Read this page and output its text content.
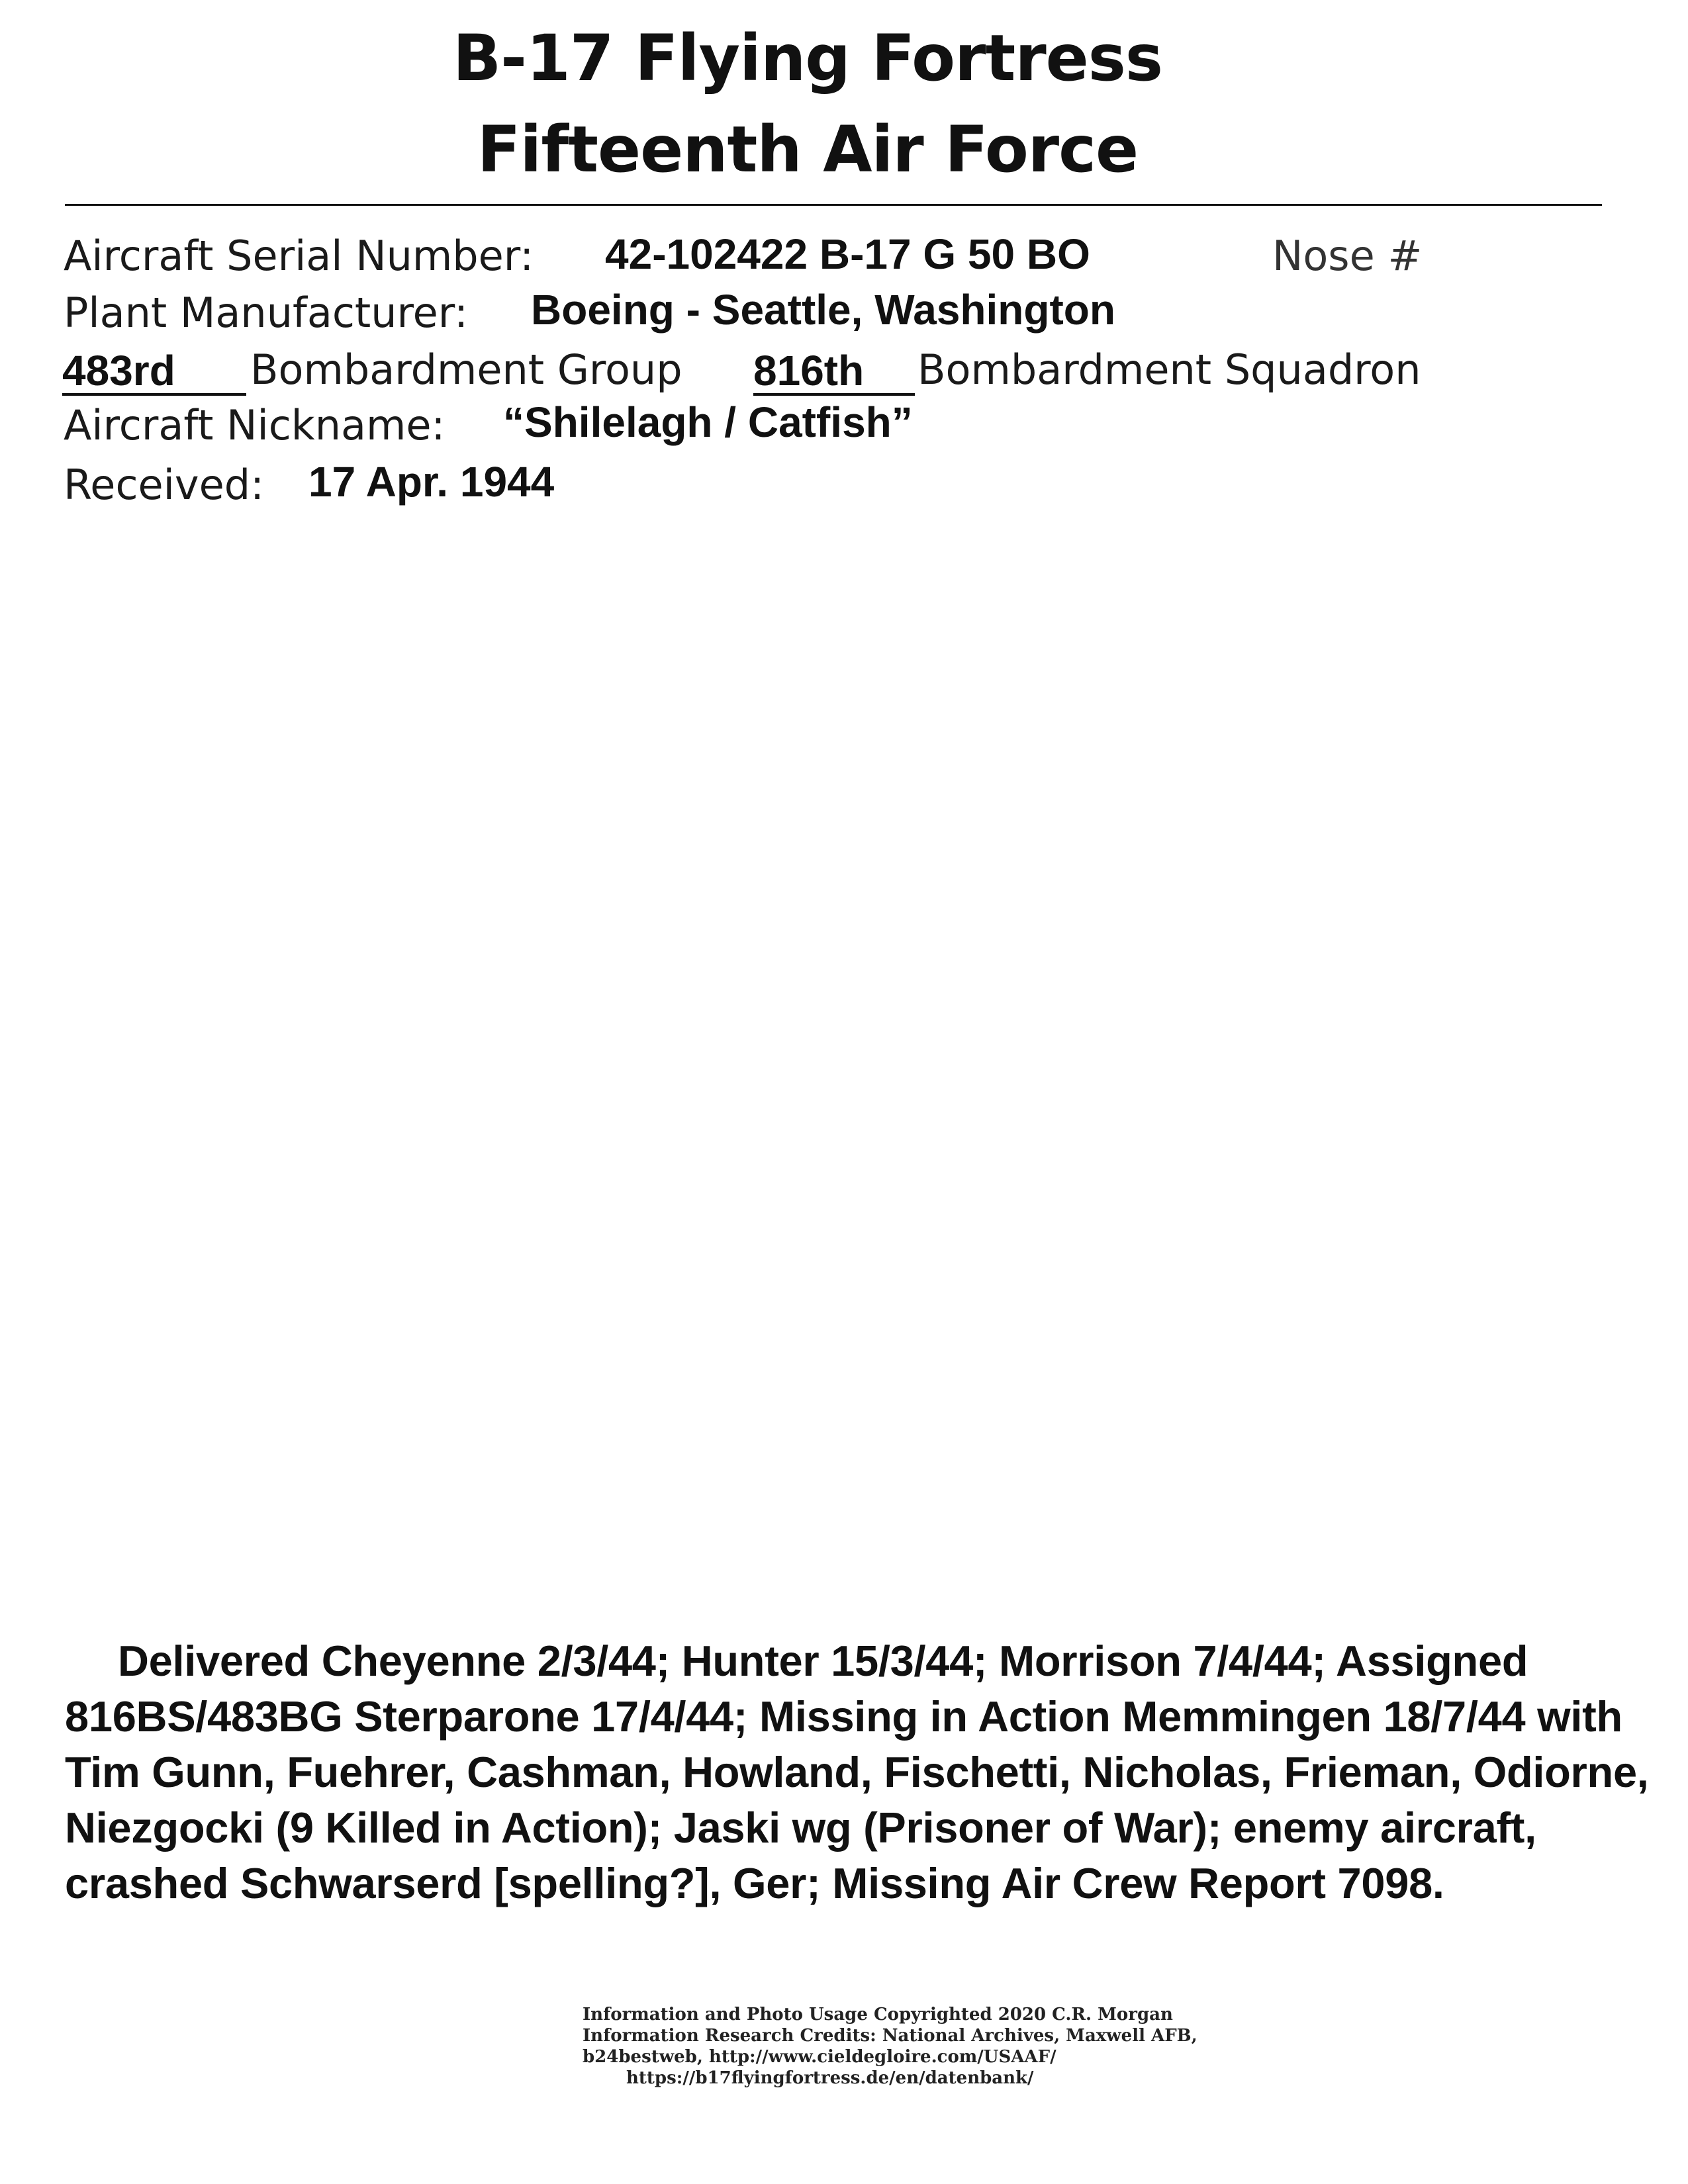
B-17 Flying Fortress
Fifteenth Air Force
Aircraft Serial Number: 42-102422 B-17 G 50 BO	Nose #
Plant Manufacturer: Boeing - Seattle, Washington
483rd	Bombardment Group 816th	Bombardment Squadron
Aircraft Nickname: “Shilelagh / Catfish”
Received: 17 Apr. 1944
Delivered Cheyenne 2/3/44; Hunter 15/3/44; Morrison 7/4/44; Assigned 816BS/483BG Sterparone 17/4/44; Missing in Action Memmingen 18/7/44 with Tim Gunn, Fuehrer, Cashman, Howland, Fischetti, Nicholas, Frieman, Odiorne, Niezgocki (9 Killed in Action); Jaski wg (Prisoner of War); enemy aircraft, crashed Schwarserd [spelling?], Ger; Missing Air Crew Report 7098.
Information and Photo Usage Copyrighted 2020 C.R. Morgan
Information Research Credits: National Archives, Maxwell AFB,
b24bestweb, http://www.cieldegloire.com/USAAF/
https://b17flyingfortress.de/en/datenbank/
